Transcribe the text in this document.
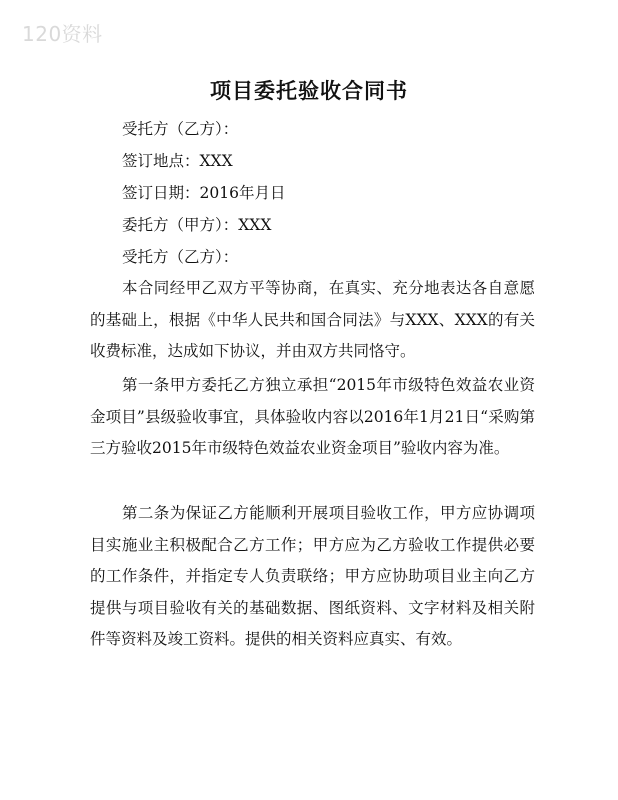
120资料
项目委托验收合同书
受托方（乙方）：
签订地点：XXX
签订日期：2016年月日
委托方（甲方）：XXX
受托方（乙方）：
本合同经甲乙双方平等协商，在真实、充分地表达各自意愿的基础上，根据《中华人民共和国合同法》与XXX、XXX的有关收费标准，达成如下协议，并由双方共同恪守。
第一条甲方委托乙方独立承担“2015年市级特色效益农业资金项目”县级验收事宜，具体验收内容以2016年1月21日“采购第三方验收2015年市级特色效益农业资金项目”验收内容为准。
第二条为保证乙方能顺利开展项目验收工作，甲方应协调项目实施业主积极配合乙方工作；甲方应为乙方验收工作提供必要的工作条件，并指定专人负责联络；甲方应协助项目业主向乙方提供与项目验收有关的基础数据、图纸资料、文字材料及相关附件等资料及竣工资料。提供的相关资料应真实、有效。
